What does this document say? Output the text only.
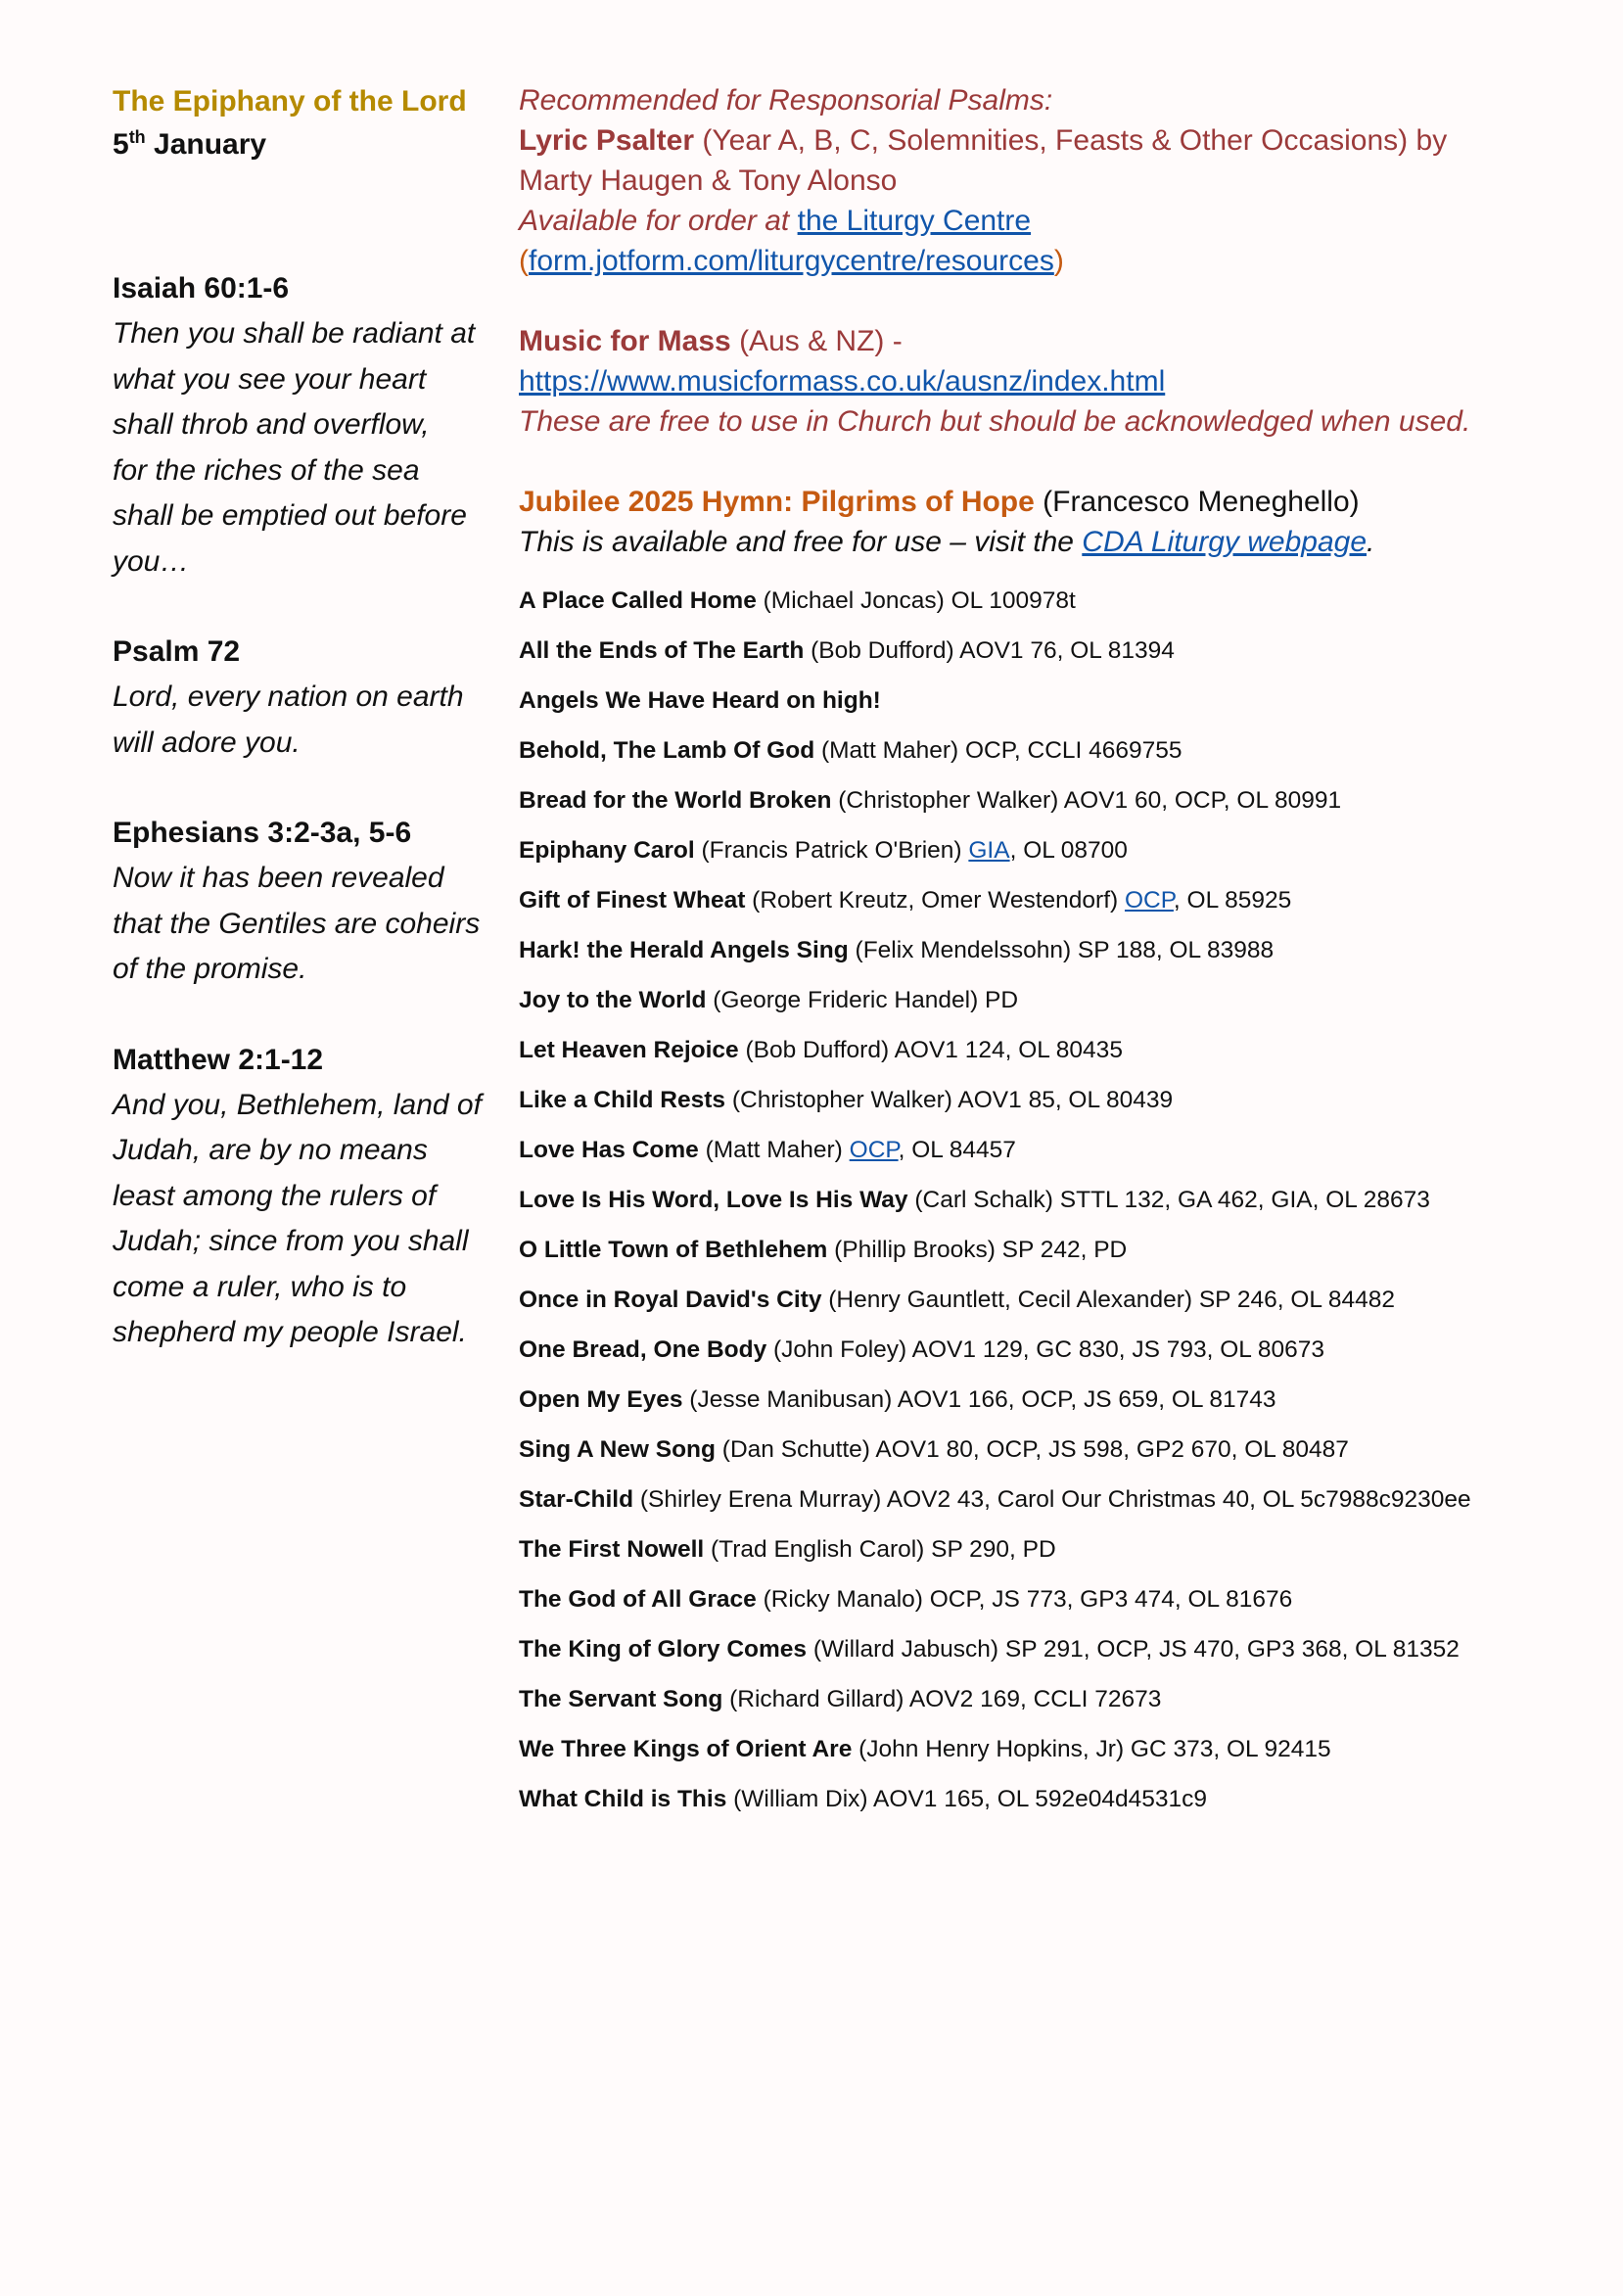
The Epiphany of the Lord
5th January
Isaiah 60:1-6
Then you shall be radiant at
what you see your heart
shall throb and overflow,
for the riches of the sea
shall be emptied out before
you…
Psalm 72
Lord, every nation on earth
will adore you.
Ephesians 3:2-3a, 5-6
Now it has been revealed
that the Gentiles are coheirs
of the promise.
Matthew 2:1-12
And you, Bethlehem, land of
Judah, are by no means
least among the rulers of
Judah; since from you shall
come a ruler, who is to
shepherd my people Israel.
Recommended for Responsorial Psalms:
Lyric Psalter (Year A, B, C, Solemnities, Feasts & Other Occasions) by
Marty Haugen & Tony Alonso
Available for order at the Liturgy Centre
(form.jotform.com/liturgycentre/resources)
Music for Mass (Aus & NZ) -
https://www.musicformass.co.uk/ausnz/index.html
These are free to use in Church but should be acknowledged when used.
Jubilee 2025 Hymn: Pilgrims of Hope (Francesco Meneghello)
This is available and free for use – visit the CDA Liturgy webpage.
A Place Called Home (Michael Joncas) OL 100978t
All the Ends of The Earth (Bob Dufford) AOV1 76, OL 81394
Angels We Have Heard on high!
Behold, The Lamb Of God (Matt Maher) OCP, CCLI 4669755
Bread for the World Broken (Christopher Walker) AOV1 60, OCP, OL 80991
Epiphany Carol (Francis Patrick O'Brien) GIA, OL 08700
Gift of Finest Wheat (Robert Kreutz, Omer Westendorf) OCP, OL 85925
Hark! the Herald Angels Sing (Felix Mendelssohn) SP 188, OL 83988
Joy to the World (George Frideric Handel) PD
Let Heaven Rejoice (Bob Dufford) AOV1 124, OL 80435
Like a Child Rests (Christopher Walker) AOV1 85, OL 80439
Love Has Come (Matt Maher) OCP, OL 84457
Love Is His Word, Love Is His Way (Carl Schalk) STTL 132, GA 462, GIA, OL 28673
O Little Town of Bethlehem (Phillip Brooks) SP 242, PD
Once in Royal David's City (Henry Gauntlett, Cecil Alexander) SP 246, OL 84482
One Bread, One Body (John Foley) AOV1 129, GC 830, JS 793, OL 80673
Open My Eyes (Jesse Manibusan) AOV1 166, OCP, JS 659, OL 81743
Sing A New Song (Dan Schutte) AOV1 80, OCP, JS 598, GP2 670, OL 80487
Star-Child (Shirley Erena Murray) AOV2 43, Carol Our Christmas 40, OL 5c7988c9230ee
The First Nowell (Trad English Carol) SP 290, PD
The God of All Grace (Ricky Manalo) OCP, JS 773, GP3 474, OL 81676
The King of Glory Comes (Willard Jabusch) SP 291, OCP, JS 470, GP3 368, OL 81352
The Servant Song (Richard Gillard) AOV2 169, CCLI 72673
We Three Kings of Orient Are (John Henry Hopkins, Jr) GC 373, OL 92415
What Child is This (William Dix) AOV1 165, OL 592e04d4531c9
